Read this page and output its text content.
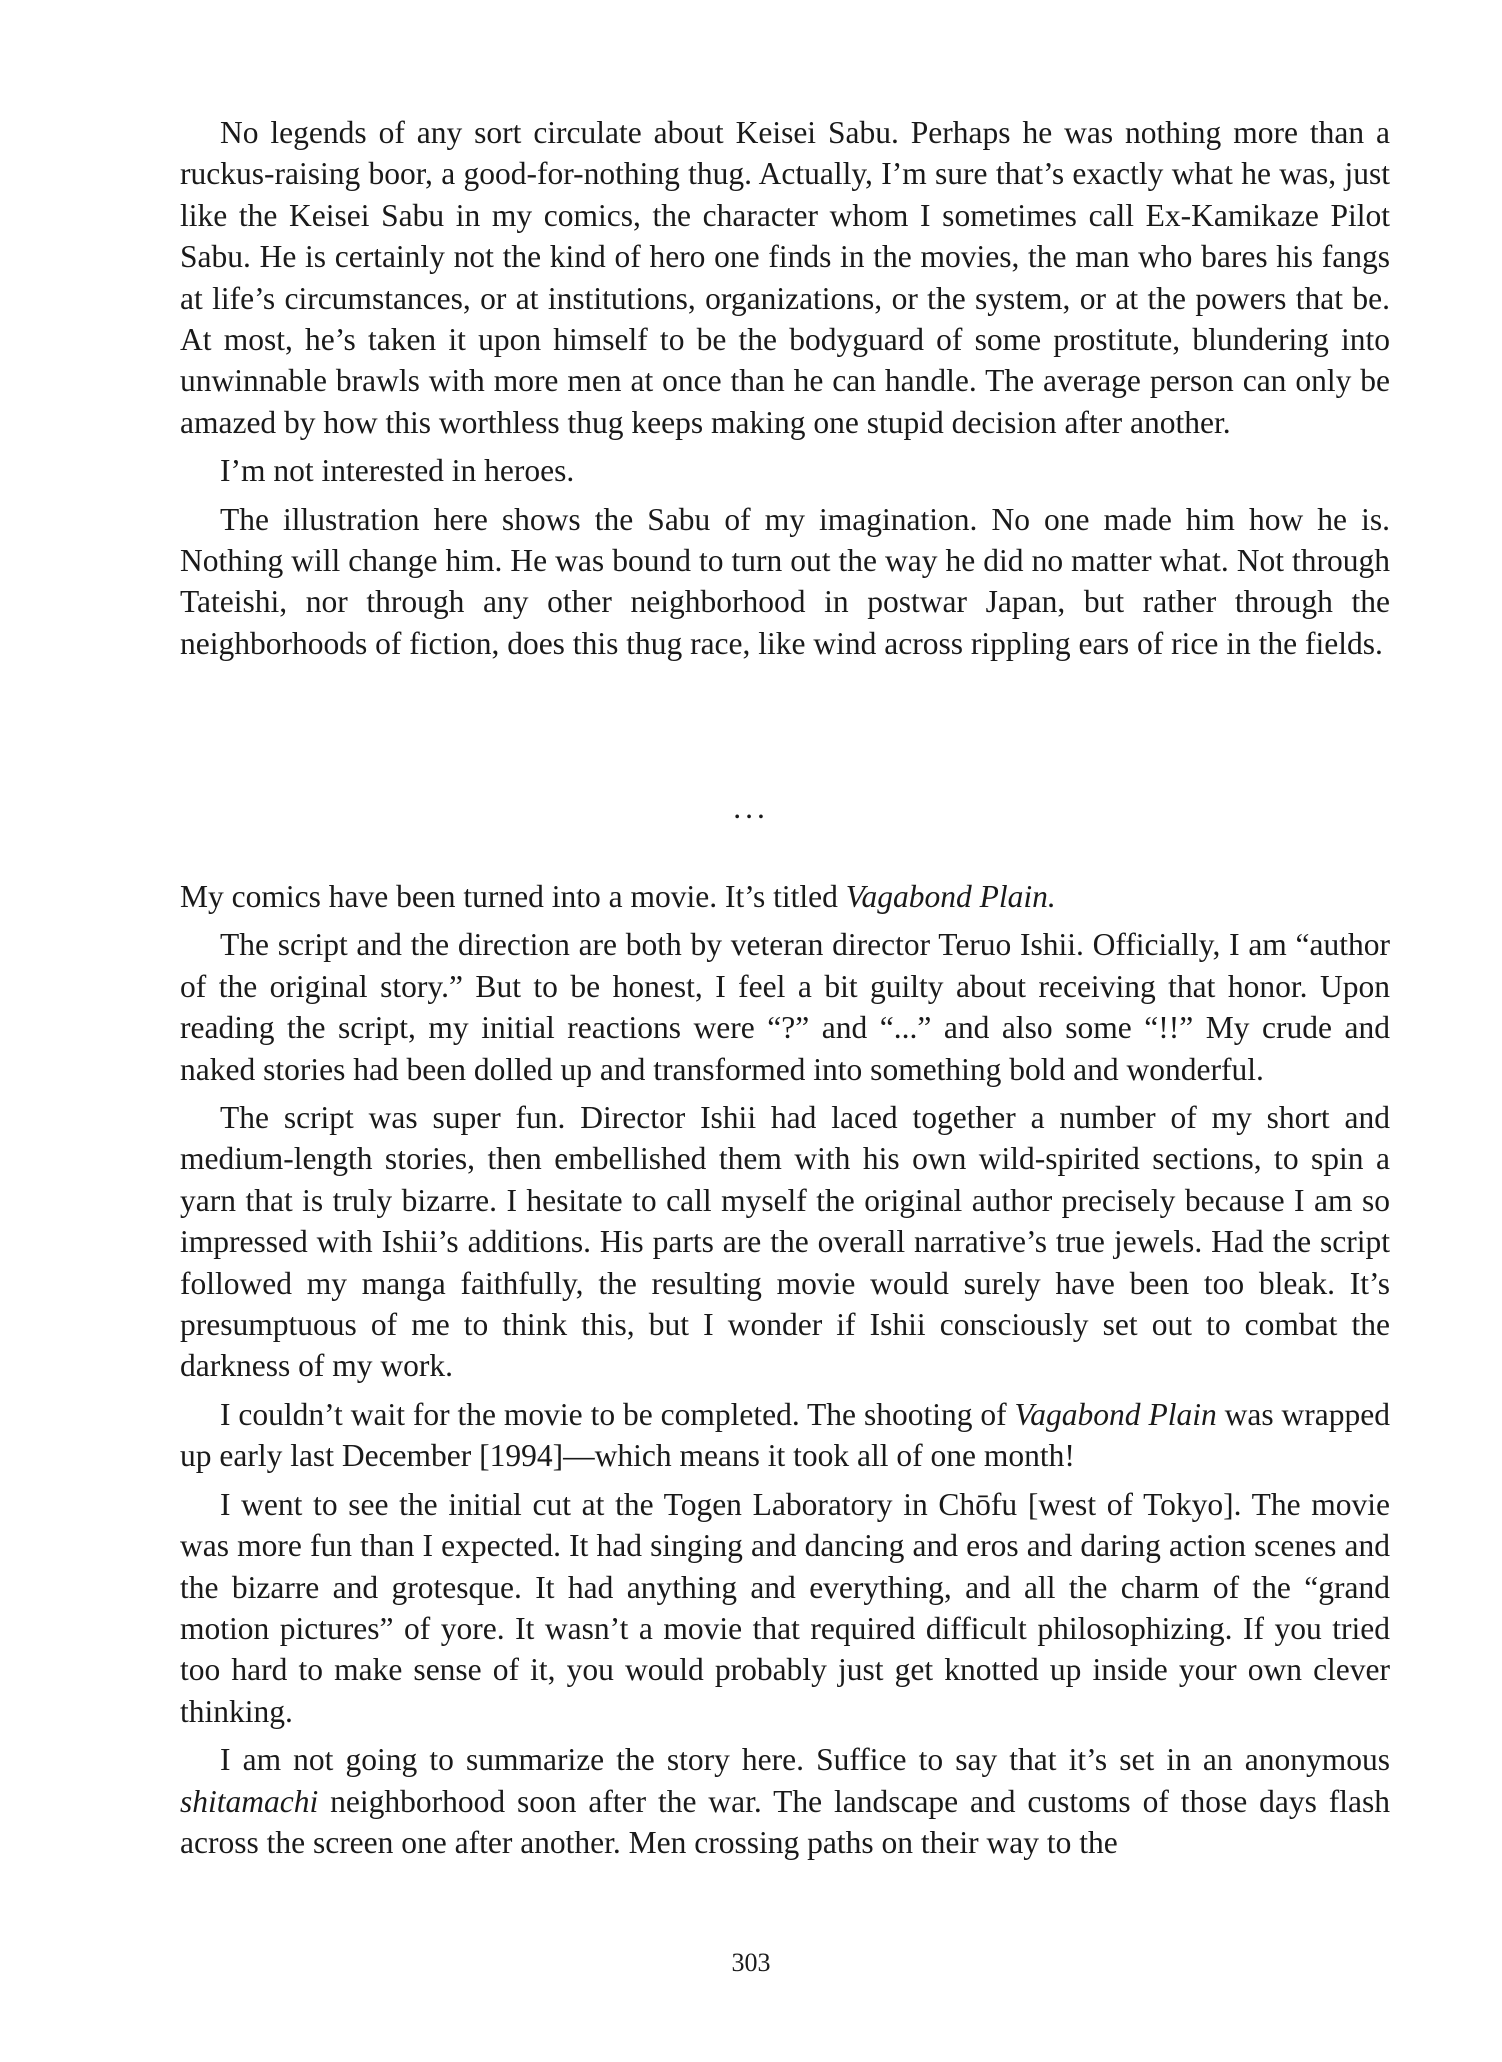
No legends of any sort circulate about Keisei Sabu. Perhaps he was nothing more than a ruckus-raising boor, a good-for-nothing thug. Actually, I’m sure that’s exactly what he was, just like the Keisei Sabu in my comics, the character whom I sometimes call Ex-Kamikaze Pilot Sabu. He is certainly not the kind of hero one finds in the movies, the man who bares his fangs at life’s circumstances, or at institutions, organizations, or the system, or at the powers that be. At most, he’s taken it upon himself to be the bodyguard of some prostitute, blundering into unwinnable brawls with more men at once than he can handle. The average person can only be amazed by how this worthless thug keeps making one stupid decision after another.

I’m not interested in heroes.

The illustration here shows the Sabu of my imagination. No one made him how he is. Nothing will change him. He was bound to turn out the way he did no matter what. Not through Tateishi, nor through any other neighborhood in postwar Japan, but rather through the neighborhoods of fiction, does this thug race, like wind across rippling ears of rice in the fields.

...

My comics have been turned into a movie. It’s titled Vagabond Plain.

The script and the direction are both by veteran director Teruo Ishii. Officially, I am “author of the original story.” But to be honest, I feel a bit guilty about receiving that honor. Upon reading the script, my initial reactions were “?” and “...” and also some “!!” My crude and naked stories had been dolled up and transformed into something bold and wonderful.

The script was super fun. Director Ishii had laced together a number of my short and medium-length stories, then embellished them with his own wild-spirited sections, to spin a yarn that is truly bizarre. I hesitate to call myself the original author precisely because I am so impressed with Ishii’s additions. His parts are the overall narrative’s true jewels. Had the script followed my manga faithfully, the resulting movie would surely have been too bleak. It’s presumptuous of me to think this, but I wonder if Ishii consciously set out to combat the darkness of my work.

I couldn’t wait for the movie to be completed. The shooting of Vagabond Plain was wrapped up early last December [1994]—which means it took all of one month!

I went to see the initial cut at the Togen Laboratory in Chōfu [west of Tokyo]. The movie was more fun than I expected. It had singing and dancing and eros and daring action scenes and the bizarre and grotesque. It had anything and everything, and all the charm of the “grand motion pictures” of yore. It wasn’t a movie that required difficult philosophizing. If you tried too hard to make sense of it, you would probably just get knotted up inside your own clever thinking.

I am not going to summarize the story here. Suffice to say that it’s set in an anonymous shitamachi neighborhood soon after the war. The landscape and customs of those days flash across the screen one after another. Men crossing paths on their way to the

303
